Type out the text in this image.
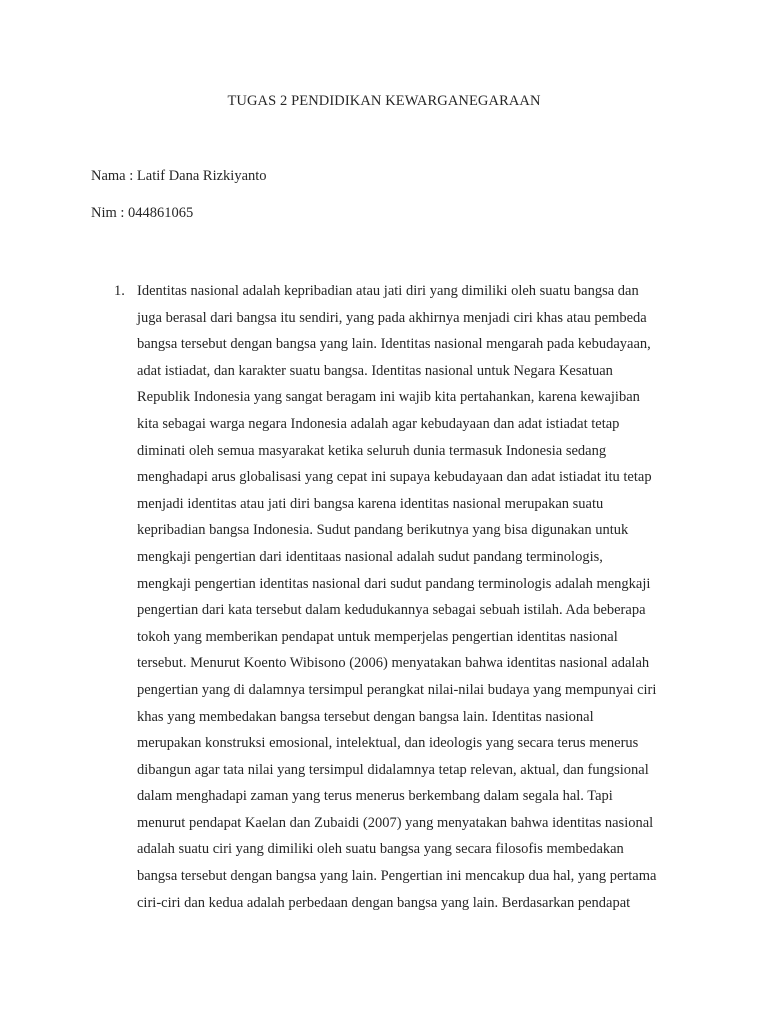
TUGAS 2 PENDIDIKAN KEWARGANEGARAAN
Nama : Latif Dana Rizkiyanto
Nim : 044861065
1. Identitas nasional adalah kepribadian atau jati diri yang dimiliki oleh suatu bangsa dan
juga berasal dari bangsa itu sendiri, yang pada akhirnya menjadi ciri khas atau pembeda
bangsa tersebut dengan bangsa yang lain. Identitas nasional mengarah pada kebudayaan,
adat istiadat, dan karakter suatu bangsa. Identitas nasional untuk Negara Kesatuan
Republik Indonesia yang sangat beragam ini wajib kita pertahankan, karena kewajiban
kita sebagai warga negara Indonesia adalah agar kebudayaan dan adat istiadat tetap
diminati oleh semua masyarakat ketika seluruh dunia termasuk Indonesia sedang
menghadapi arus globalisasi yang cepat ini supaya kebudayaan dan adat istiadat itu tetap
menjadi identitas atau jati diri bangsa karena identitas nasional merupakan suatu
kepribadian bangsa Indonesia. Sudut pandang berikutnya yang bisa digunakan untuk
mengkaji pengertian dari identitaas nasional adalah sudut pandang terminologis,
mengkaji pengertian identitas nasional dari sudut pandang terminologis adalah mengkaji
pengertian dari kata tersebut dalam kedudukannya sebagai sebuah istilah. Ada beberapa
tokoh yang memberikan pendapat untuk memperjelas pengertian identitas nasional
tersebut. Menurut Koento Wibisono (2006) menyatakan bahwa identitas nasional adalah
pengertian yang di dalamnya tersimpul perangkat nilai-nilai budaya yang mempunyai ciri
khas yang membedakan bangsa tersebut dengan bangsa lain. Identitas nasional
merupakan konstruksi emosional, intelektual, dan ideologis yang secara terus menerus
dibangun agar tata nilai yang tersimpul didalamnya tetap relevan, aktual, dan fungsional
dalam menghadapi zaman yang terus menerus berkembang dalam segala hal. Tapi
menurut pendapat Kaelan dan Zubaidi (2007) yang menyatakan bahwa identitas nasional
adalah suatu ciri yang dimiliki oleh suatu bangsa yang secara filosofis membedakan
bangsa tersebut dengan bangsa yang lain. Pengertian ini mencakup dua hal, yang pertama
ciri-ciri dan kedua adalah perbedaan dengan bangsa yang lain. Berdasarkan pendapat
